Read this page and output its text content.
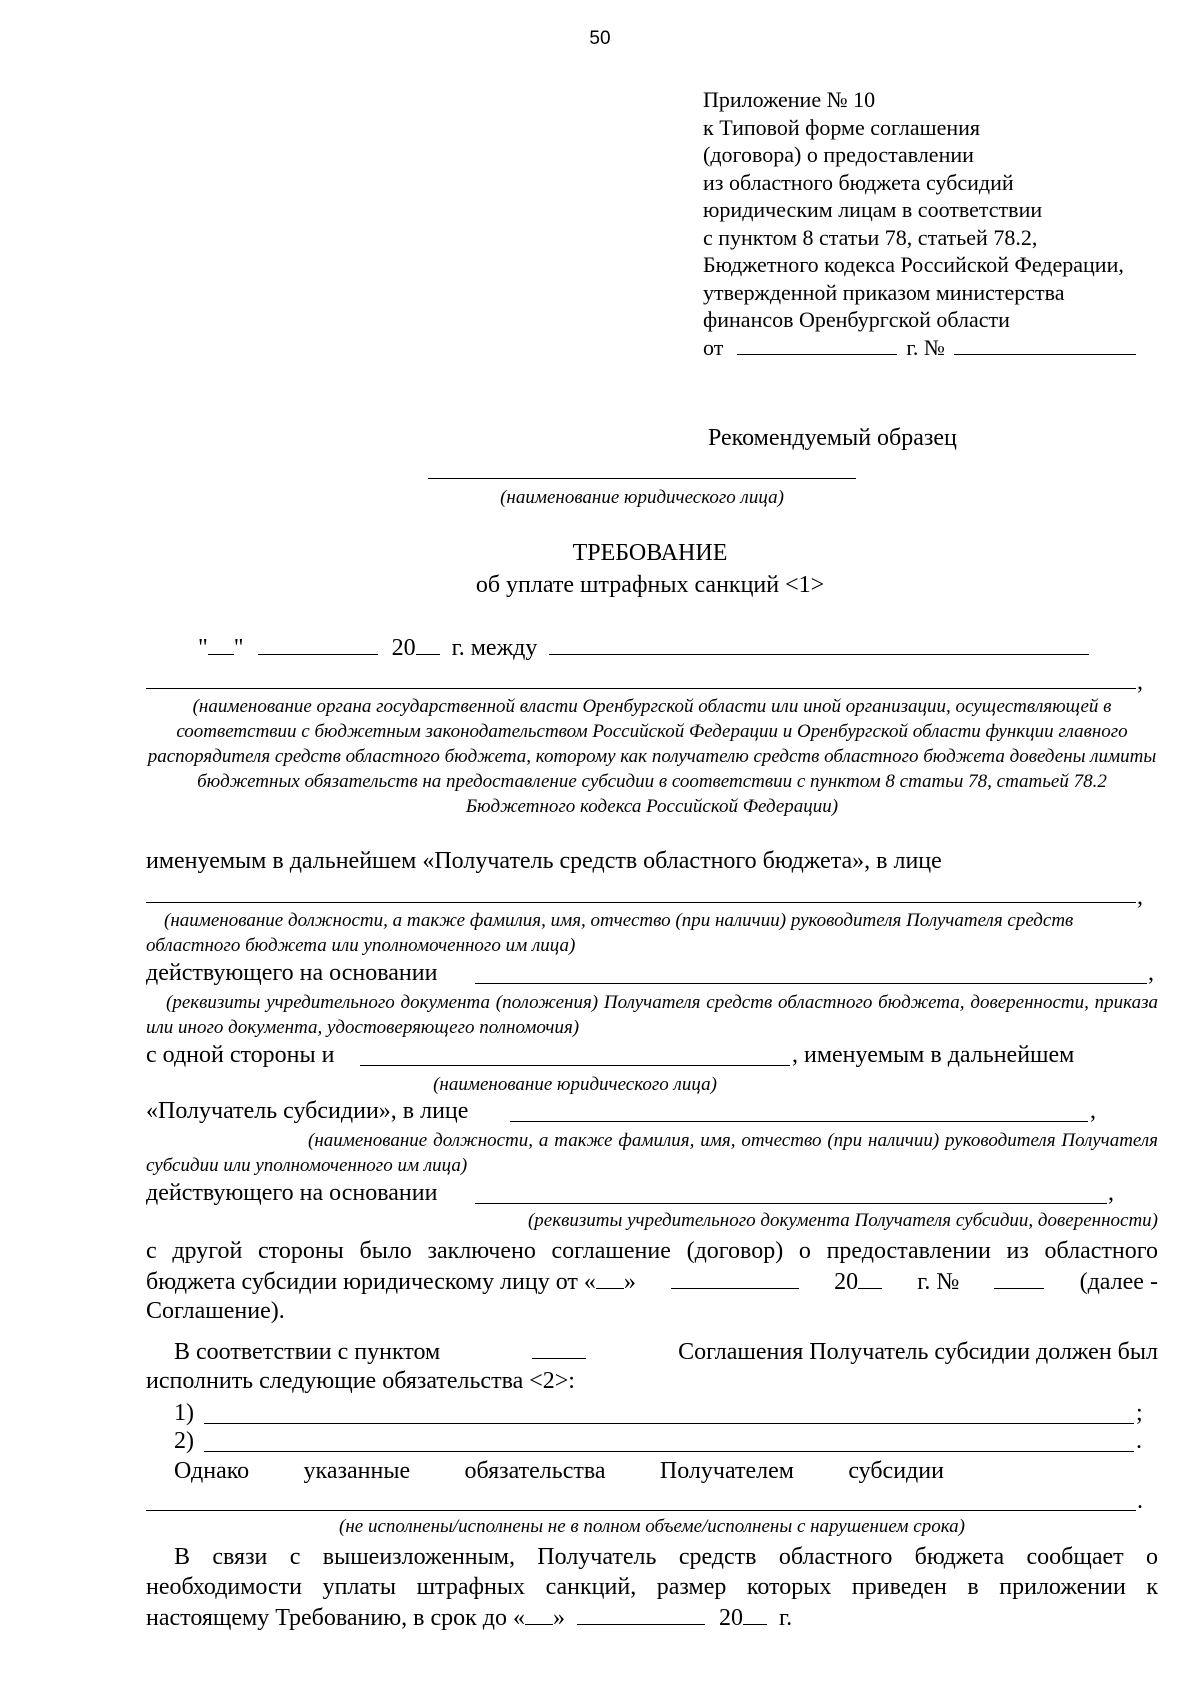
50
Приложение № 10
к Типовой форме соглашения
(договора) о предоставлении
из областного бюджета субсидий
юридическим лицам в соответствии
с пунктом 8 статьи 78, статьей 78.2,
Бюджетного кодекса Российской Федерации,
утвержденной приказом министерства
финансов Оренбургской области
от	г. №
Рекомендуемый образец
(наименование юридического лица)
ТРЕБОВАНИЕ
об уплате штрафных санкций <1>
" "	20 г. между
,
(наименование органа государственной власти Оренбургской области или иной организации, осуществляющей в соответствии с бюджетным законодательством Российской Федерации и Оренбургской области функции главного распорядителя средств областного бюджета, которому как получателю средств областного бюджета доведены лимиты бюджетных обязательств на предоставление субсидии в соответствии с пунктом 8 статьи 78, статьей 78.2 Бюджетного кодекса Российской Федерации)
именуемым в дальнейшем «Получатель средств областного бюджета», в лице
,
(наименование должности, а также фамилия, имя, отчество (при наличии) руководителя Получателя средств областного бюджета или уполномоченного им лица)
действующего на основании	,
(реквизиты учредительного документа (положения) Получателя средств областного бюджета, доверенности, приказа или иного документа, удостоверяющего полномочия)
с одной стороны и	, именуемым в дальнейшем
(наименование юридического лица)
«Получатель субсидии», в лице	,
(наименование должности, а также фамилия, имя, отчество (при наличии) руководителя Получателя субсидии или уполномоченного им лица)
действующего на основании	,
(реквизиты учредительного документа Получателя субсидии, доверенности)
с другой стороны было заключено соглашение (договор) о предоставлении из областного
бюджета субсидии юридическому лицу от « »	20	г. №	(далее -
Соглашение).
В соответствии с пунктом	Соглашения Получатель субсидии должен был
исполнить следующие обязательства <2>:
1)	;
2)	.
Однако указанные обязательства Получателем субсидии
.
(не исполнены/исполнены не в полном объеме/исполнены с нарушением срока)
В связи с вышеизложенным, Получатель средств областного бюджета сообщает о
необходимости уплаты штрафных санкций, размер которых приведен в приложении к
настоящему Требованию, в срок до « »	20 г.
